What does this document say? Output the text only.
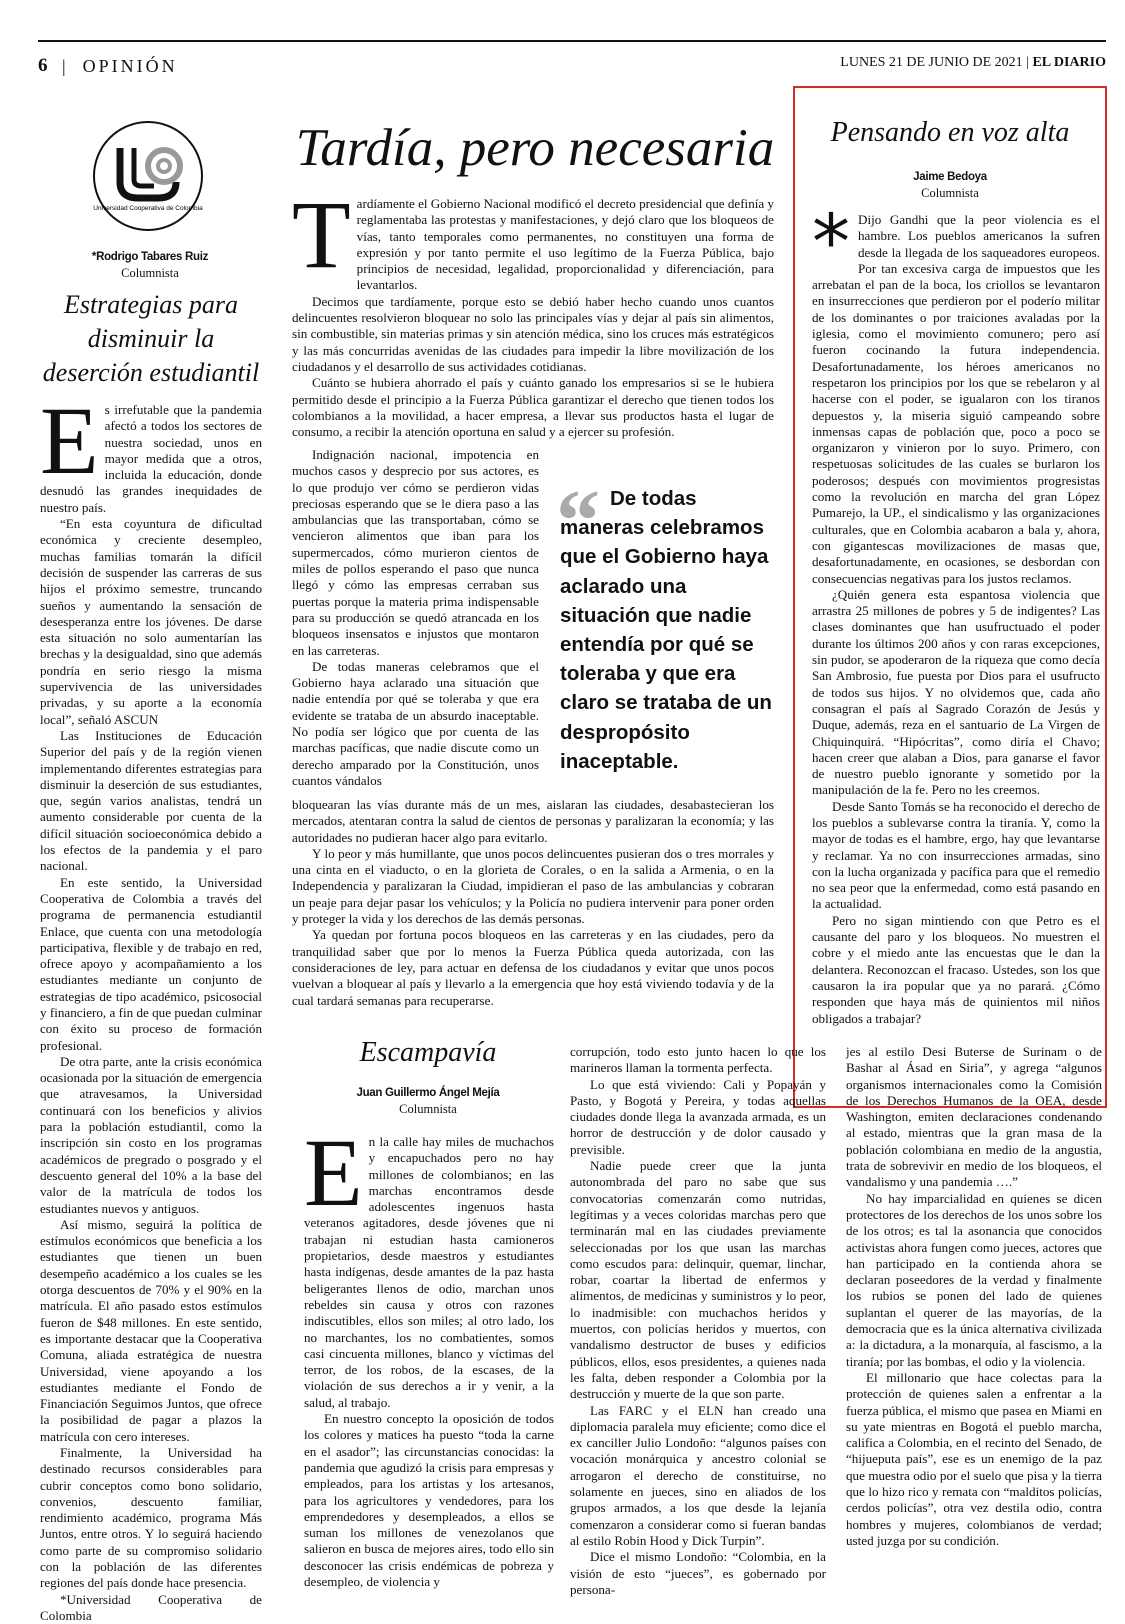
6 | OPINIÓN	LUNES 21 DE JUNIO DE 2021 | EL DIARIO
Universidad Cooperativa de Colombia
*Rodrigo Tabares Ruiz
Columnista
Estrategias para disminuir la deserción estudiantil

Es irrefutable que la pandemia afectó a todos los sectores de nuestra sociedad, unos en mayor medida que a otros, incluida la educación, donde desnudó las grandes inequidades de nuestro país.

“En esta coyuntura de dificultad económica y creciente desempleo, muchas familias tomarán la difícil decisión de suspender las carreras de sus hijos el próximo semestre, truncando sueños y aumentando la sensación de desesperanza entre los jóvenes. De darse esta situación no solo aumentarían las brechas y la desigualdad, sino que además pondría en serio riesgo la misma supervivencia de las universidades privadas, y su aporte a la economía local”, señaló ASCUN

Las Instituciones de Educación Superior del país y de la región vienen implementando diferentes estrategias para disminuir la deserción de sus estudiantes, que, según varios analistas, tendrá un aumento considerable por cuenta de la difícil situación socioeconómica debido a los efectos de la pandemia y el paro nacional.

En este sentido, la Universidad Cooperativa de Colombia a través del programa de permanencia estudiantil Enlace, que cuenta con una metodología participativa, flexible y de trabajo en red, ofrece apoyo y acompañamiento a los estudiantes mediante un conjunto de estrategias de tipo académico, psicosocial y financiero, a fin de que puedan culminar con éxito su proceso de formación profesional.

De otra parte, ante la crisis económica ocasionada por la situación de emergencia que atravesamos, la Universidad continuará con los beneficios y alivios para la población estudiantil, como la inscripción sin costo en los programas académicos de pregrado o posgrado y el descuento general del 10% a la base del valor de la matrícula de todos los estudiantes nuevos y antiguos.

Así mismo, seguirá la política de estímulos económicos que beneficia a los estudiantes que tienen un buen desempeño académico a los cuales se les otorga descuentos de 70% y el 90% en la matrícula. El año pasado estos estímulos fueron de $48 millones. En este sentido, es importante destacar que la Cooperativa Comuna, aliada estratégica de nuestra Universidad, viene apoyando a los estudiantes mediante el Fondo de Financiación Seguimos Juntos, que ofrece la posibilidad de pagar a plazos la matrícula con cero intereses.

Finalmente, la Universidad ha destinado recursos considerables para cubrir conceptos como bono solidario, convenios, descuento familiar, rendimiento académico, programa Más Juntos, entre otros. Y lo seguirá haciendo como parte de su compromiso solidario con la población de las diferentes regiones del país donde hace presencia.

*Universidad Cooperativa de Colombia

Tardía, pero necesaria

Tardíamente el Gobierno Nacional modificó el decreto presidencial que definía y reglamentaba las protestas y manifestaciones, y dejó claro que los bloqueos de vías, tanto temporales como permanentes, no constituyen una forma de expresión y por tanto permite el uso legítimo de la Fuerza Pública, bajo principios de necesidad, legalidad, proporcionalidad y diferenciación, para levantarlos.

Decimos que tardíamente, porque esto se debió haber hecho cuando unos cuantos delincuentes resolvieron bloquear no solo las principales vías y dejar al país sin alimentos, sin combustible, sin materias primas y sin atención médica, sino los cruces más estratégicos y las más concurridas avenidas de las ciudades para impedir la libre movilización de los ciudadanos y el desarrollo de sus actividades cotidianas.

Cuánto se hubiera ahorrado el país y cuánto ganado los empresarios si se le hubiera permitido desde el principio a la Fuerza Pública garantizar el derecho que tienen todos los colombianos a la movilidad, a hacer empresa, a llevar sus productos hasta el lugar de consumo, a recibir la atención oportuna en salud y a ejercer su profesión.

Indignación nacional, impotencia en muchos casos y desprecio por sus actores, es lo que produjo ver cómo se perdieron vidas preciosas esperando que se le diera paso a las ambulancias que las transportaban, cómo se vencieron alimentos que iban para los supermercados, cómo murieron cientos de miles de pollos esperando el paso que nunca llegó y cómo las empresas cerraban sus puertas porque la materia prima indispensable para su producción se quedó atrancada en los bloqueos insensatos e injustos que montaron en las carreteras.

De todas maneras celebramos que el Gobierno haya aclarado una situación que nadie entendía por qué se toleraba y que era evidente se trataba de un absurdo inaceptable. No podía ser lógico que por cuenta de las marchas pacíficas, que nadie discute como un derecho amparado por la Constitución, unos cuantos vándalos

“ De todas maneras celebramos que el Gobierno haya aclarado una situación que nadie entendía por qué se toleraba y que era claro se trataba de un despropósito inaceptable.

bloquearan las vías durante más de un mes, aislaran las ciudades, desabastecieran los mercados, atentaran contra la salud de cientos de personas y paralizaran la economía; y las autoridades no pudieran hacer algo para evitarlo.

Y lo peor y más humillante, que unos pocos delincuentes pusieran dos o tres morrales y una cinta en el viaducto, o en la glorieta de Corales, o en la salida a Armenia, o en la Independencia y paralizaran la Ciudad, impidieran el paso de las ambulancias y cobraran un peaje para dejar pasar los vehículos; y la Policía no pudiera intervenir para poner orden y proteger la vida y los derechos de las demás personas.

Ya quedan por fortuna pocos bloqueos en las carreteras y en las ciudades, pero da tranquilidad saber que por lo menos la Fuerza Pública queda autorizada, con las consideraciones de ley, para actuar en defensa de los ciudadanos y evitar que unos pocos vuelvan a bloquear al país y llevarlo a la emergencia que hoy está viviendo todavía y de la cual tardará semanas para recuperarse.

Pensando en voz alta
Jaime Bedoya
Columnista

* Dijo Gandhi que la peor violencia es el hambre. Los pueblos americanos la sufren desde la llegada de los saqueadores europeos. Por tan excesiva carga de impuestos que les arrebatan el pan de la boca, los criollos se levantaron en insurrecciones que perdieron por el poderío militar de los dominantes o por traiciones avaladas por la iglesia, como el movimiento comunero; pero así fueron cocinando la futura independencia. Desafortunadamente, los héroes americanos no respetaron los principios por los que se rebelaron y al hacerse con el poder, se igualaron con los tiranos depuestos y, la miseria siguió campeando sobre inmensas capas de población que, poco a poco se organizaron y vinieron por lo suyo. Primero, con respetuosas solicitudes de las cuales se burlaron los poderosos; después con movimientos progresistas como la revolución en marcha del gran López Pumarejo, la UP., el sindicalismo y las organizaciones culturales, que en Colombia acabaron a bala y, ahora, con gigantescas movilizaciones de masas que, desafortunadamente, en ocasiones, se desbordan con consecuencias negativas para los justos reclamos.

¿Quién genera esta espantosa violencia que arrastra 25 millones de pobres y 5 de indigentes? Las clases dominantes que han usufructuado el poder durante los últimos 200 años y con raras excepciones, sin pudor, se apoderaron de la riqueza que como decía San Ambrosio, fue puesta por Dios para el usufructo de todos sus hijos. Y no olvidemos que, cada año consagran el país al Sagrado Corazón de Jesús y Duque, además, reza en el santuario de La Virgen de Chiquinquirá. “Hipócritas”, como diría el Chavo; hacen creer que alaban a Dios, para ganarse el favor de nuestro pueblo ignorante y sometido por la manipulación de la fe. Pero no les creemos.

Desde Santo Tomás se ha reconocido el derecho de los pueblos a sublevarse contra la tiranía. Y, como la mayor de todas es el hambre, ergo, hay que levantarse y reclamar. Ya no con insurrecciones armadas, sino con la lucha organizada y pacífica para que el remedio no sea peor que la enfermedad, como está pasando en la actualidad.

Pero no sigan mintiendo con que Petro es el causante del paro y los bloqueos. No muestren el cobre y el miedo ante las encuestas que le dan la delantera. Reconozcan el fracaso. Ustedes, son los que causaron la ira popular que ya no parará. ¿Cómo responden que haya más de quinientos mil niños obligados a trabajar?

Escampavía
Juan Guillermo Ángel Mejía
Columnista

En la calle hay miles de muchachos y encapuchados pero no hay millones de colombianos; en las marchas encontramos desde adolescentes ingenuos hasta veteranos agitadores, desde jóvenes que ni trabajan ni estudian hasta camioneros propietarios, desde maestros y estudiantes hasta indígenas, desde amantes de la paz hasta beligerantes llenos de odio, marchan unos rebeldes sin causa y otros con razones indiscutibles, ellos son miles; al otro lado, los no marchantes, los no combatientes, somos casi cincuenta millones, blanco y víctimas del terror, de los robos, de la escases, de la violación de sus derechos a ir y venir, a la salud, al trabajo.

En nuestro concepto la oposición de todos los colores y matices ha puesto “toda la carne en el asador”; las circunstancias conocidas: la pandemia que agudizó la crisis para empresas y empleados, para los artistas y los artesanos, para los agricultores y vendedores, para los emprendedores y desempleados, a ellos se suman los millones de venezolanos que salieron en busca de mejores aires, todo ello sin desconocer las crisis endémicas de pobreza y desempleo, de violencia y

corrupción, todo esto junto hacen lo que los marineros llaman la tormenta perfecta.

Lo que está viviendo: Cali y Popayán y Pasto, y Bogotá y Pereira, y todas aquellas ciudades donde llega la avanzada armada, es un horror de destrucción y de dolor causado y previsible.

Nadie puede creer que la junta autonombrada del paro no sabe que sus convocatorias comenzarán como nutridas, legítimas y a veces coloridas marchas pero que terminarán mal en las ciudades previamente seleccionadas por los que usan las marchas como escudos para: delinquir, quemar, linchar, robar, coartar la libertad de enfermos y alimentos, de medicinas y suministros y lo peor, lo inadmisible: con muchachos heridos y muertos, con policías heridos y muertos, con vandalismo destructor de buses y edificios públicos, ellos, esos presidentes, a quienes nada les falta, deben responder a Colombia por la destrucción y muerte de la que son parte.

Las FARC y el ELN han creado una diplomacia paralela muy eficiente; como dice el ex canciller Julio Londoño: “algunos países con vocación monárquica y ancestro colonial se arrogaron el derecho de constituirse, no solamente en jueces, sino en aliados de los grupos armados, a los que desde la lejanía comenzaron a considerar como si fueran bandas al estilo Robin Hood y Dick Turpin”.

Dice el mismo Londoño: “Colombia, en la visión de esto “jueces”, es gobernado por persona-

jes al estilo Desi Buterse de Surinam o de Bashar al Ásad en Siria”, y agrega “algunos organismos internacionales como la Comisión de los Derechos Humanos de la OEA, desde Washington, emiten declaraciones condenando al estado, mientras que la gran masa de la población colombiana en medio de la angustia, trata de sobrevivir en medio de los bloqueos, el vandalismo y una pandemia ….”

No hay imparcialidad en quienes se dicen protectores de los derechos de los unos sobre los de los otros; es tal la asonancia que conocidos activistas ahora fungen como jueces, actores que han participado en la contienda ahora se declaran poseedores de la verdad y finalmente los rubios se ponen del lado de quienes suplantan el querer de las mayorías, de la democracia que es la única alternativa civilizada a: la dictadura, a la monarquía, al fascismo, a la tiranía; por las bombas, el odio y la violencia.

El millonario que hace colectas para la protección de quienes salen a enfrentar a la fuerza pública, el mismo que pasea en Miami en su yate mientras en Bogotá el pueblo marcha, califica a Colombia, en el recinto del Senado, de “hijueputa país”, ese es un enemigo de la paz que muestra odio por el suelo que pisa y la tierra que lo hizo rico y remata con “malditos policías, cerdos policías”, otra vez destila odio, contra hombres y mujeres, colombianos de verdad; usted juzga por su condición.
